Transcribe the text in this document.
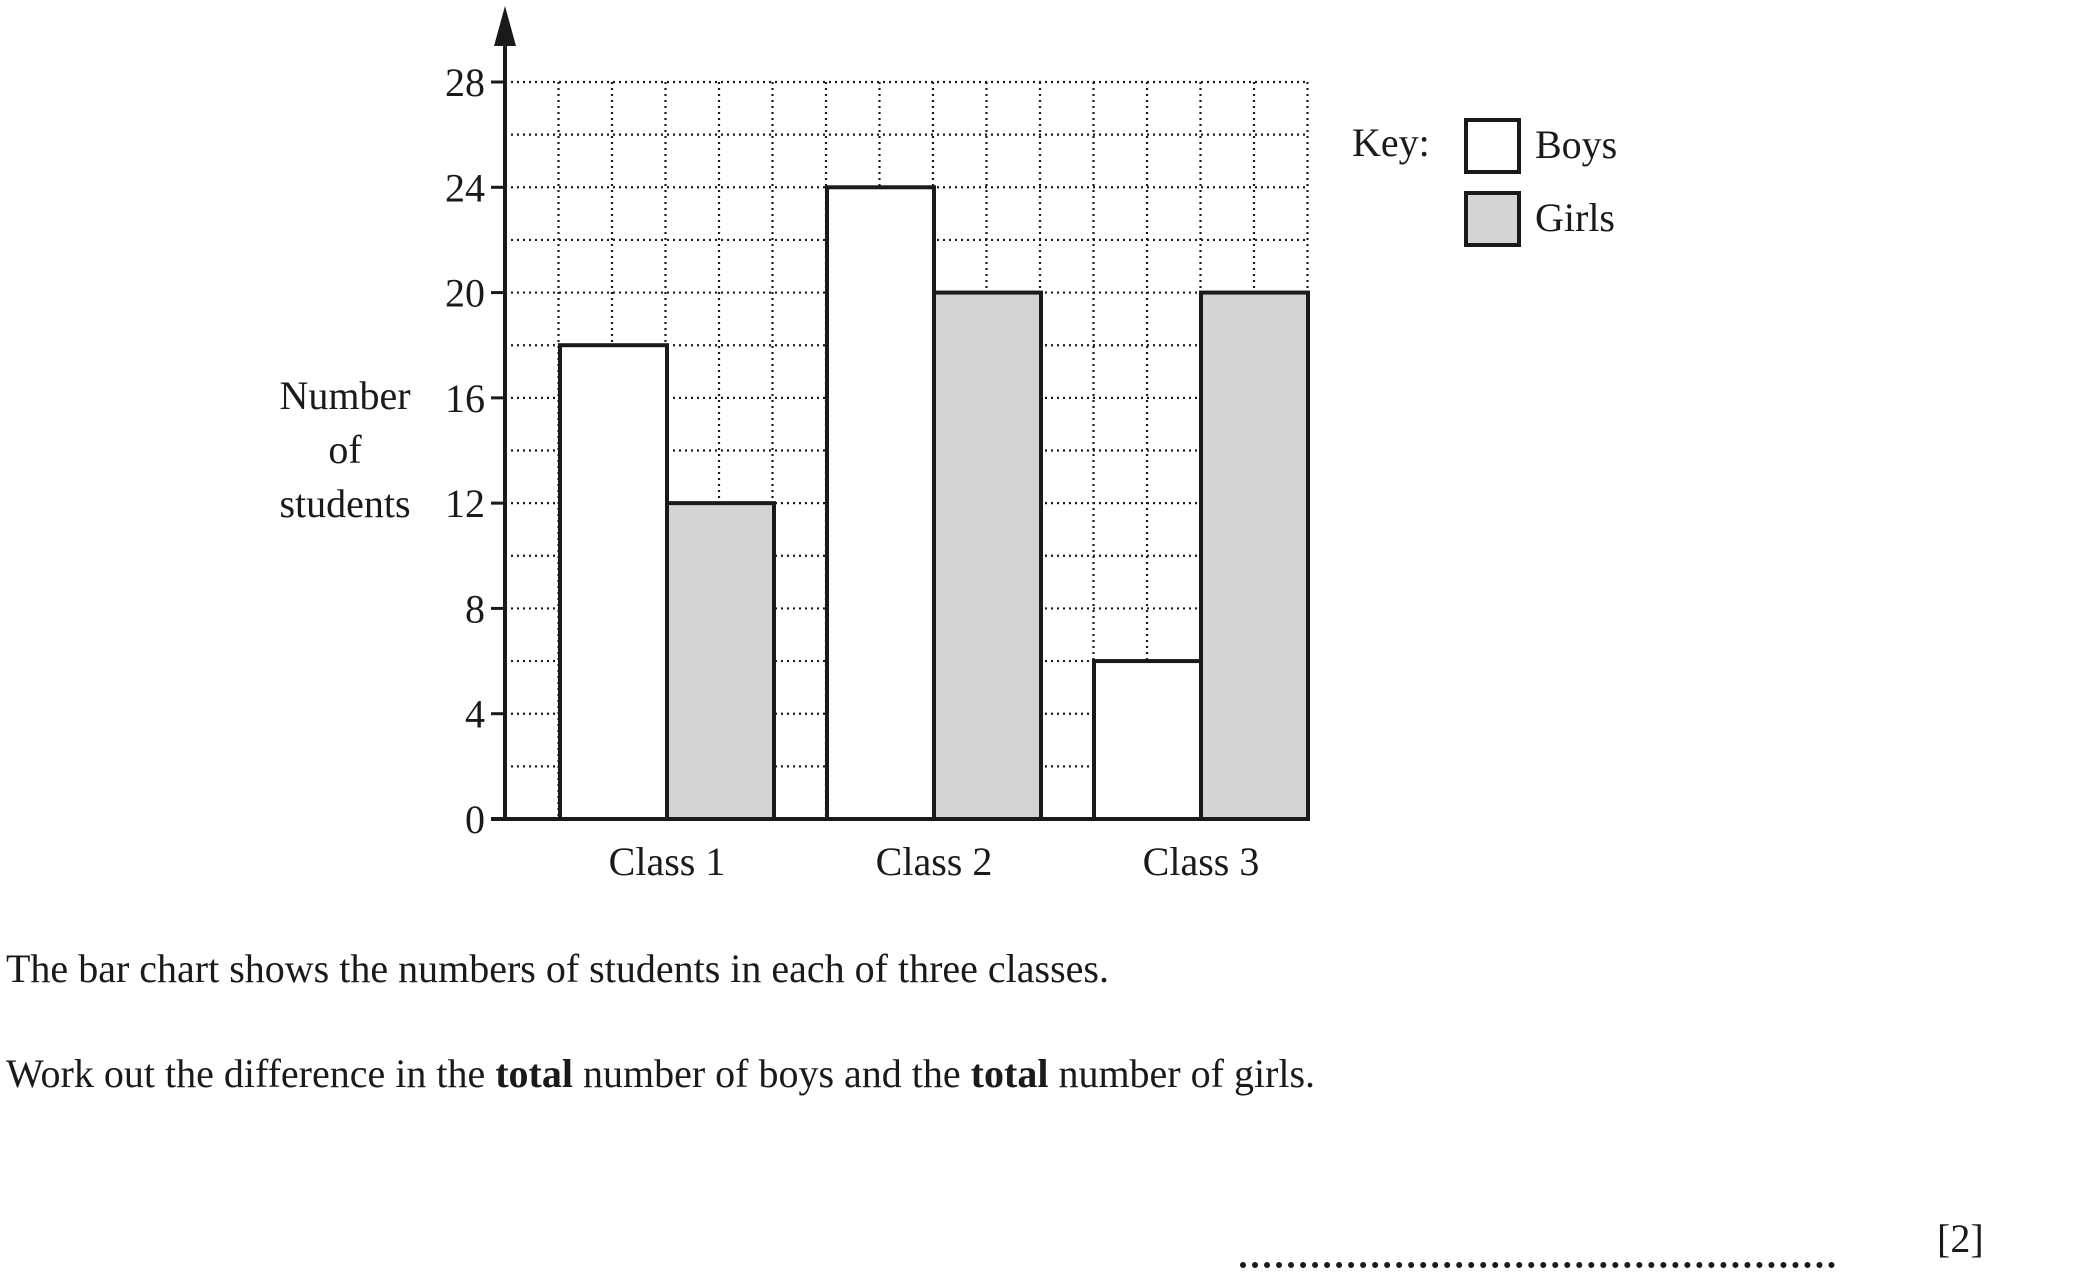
Class 1	Class 2	Class 3
0
4
8
12
16
20
24
28
Number
of
students
Key:	Boys
Girls

The bar chart shows the numbers of students in each of three classes.

Work out the difference in the total number of boys and the total number of girls.

[2]
